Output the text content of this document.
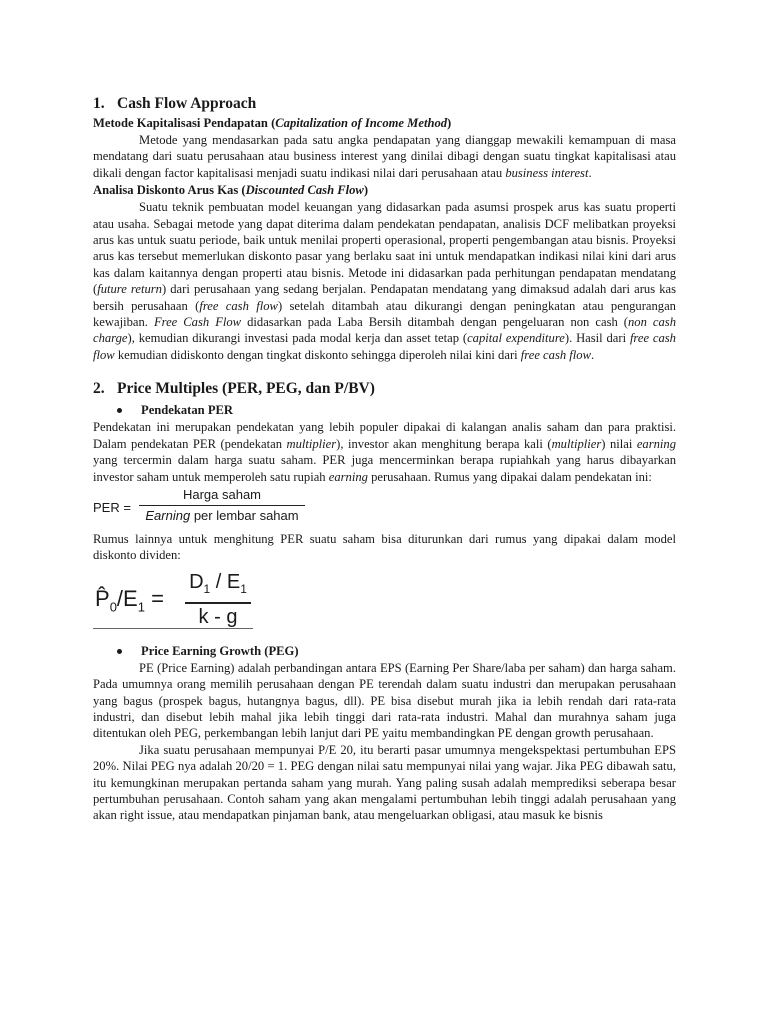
1. Cash Flow Approach
Metode Kapitalisasi Pendapatan (Capitalization of Income Method)

Metode yang mendasarkan pada satu angka pendapatan yang dianggap mewakili kemampuan di masa mendatang dari suatu perusahaan atau business interest yang dinilai dibagi dengan suatu tingkat kapitalisasi atau dikali dengan factor kapitalisasi menjadi suatu indikasi nilai dari perusahaan atau business interest.

Analisa Diskonto Arus Kas (Discounted Cash Flow)

Suatu teknik pembuatan model keuangan yang didasarkan pada asumsi prospek arus kas suatu properti atau usaha. Sebagai metode yang dapat diterima dalam pendekatan pendapatan, analisis DCF melibatkan proyeksi arus kas untuk suatu periode, baik untuk menilai properti operasional, properti pengembangan atau bisnis. Proyeksi arus kas tersebut memerlukan diskonto pasar yang berlaku saat ini untuk mendapatkan indikasi nilai kini dari arus kas dalam kaitannya dengan properti atau bisnis. Metode ini didasarkan pada perhitungan pendapatan mendatang (future return) dari perusahaan yang sedang berjalan. Pendapatan mendatang yang dimaksud adalah dari arus kas bersih perusahaan (free cash flow) setelah ditambah atau dikurangi dengan peningkatan atau pengurangan kewajiban. Free Cash Flow didasarkan pada Laba Bersih ditambah dengan pengeluaran non cash (non cash charge), kemudian dikurangi investasi pada modal kerja dan asset tetap (capital expenditure). Hasil dari free cash flow kemudian didiskonto dengan tingkat diskonto sehingga diperoleh nilai kini dari free cash flow.

2. Price Multiples (PER, PEG, dan P/BV)
Pendekatan PER

Pendekatan ini merupakan pendekatan yang lebih populer dipakai di kalangan analis saham dan para praktisi. Dalam pendekatan PER (pendekatan multiplier), investor akan menghitung berapa kali (multiplier) nilai earning yang tercermin dalam harga suatu saham. PER juga mencerminkan berapa rupiahkah yang harus dibayarkan investor saham untuk memperoleh satu rupiah earning perusahaan. Rumus yang dipakai dalam pendekatan ini:

PER =
Harga saham
Earning per lembar saham

Rumus lainnya untuk menghitung PER suatu saham bisa diturunkan dari rumus yang dipakai dalam model diskonto dividen:

$P̂_0/E_1$ =
$D_1 / E_1$
k - g
Price Earning Growth (PEG)

PE (Price Earning) adalah perbandingan antara EPS (Earning Per Share/laba per saham) dan harga saham. Pada umumnya orang memilih perusahaan dengan PE terendah dalam suatu industri dan merupakan perusahaan yang bagus (prospek bagus, hutangnya bagus, dll). PE bisa disebut murah jika ia lebih rendah dari rata-rata industri, dan disebut lebih mahal jika lebih tinggi dari rata-rata industri. Mahal dan murahnya saham juga ditentukan oleh PEG, perkembangan lebih lanjut dari PE yaitu membandingkan PE dengan growth perusahaan.

Jika suatu perusahaan mempunyai P/E 20, itu berarti pasar umumnya mengekspektasi pertumbuhan EPS 20%. Nilai PEG nya adalah 20/20 = 1. PEG dengan nilai satu mempunyai nilai yang wajar. Jika PEG dibawah satu, itu kemungkinan merupakan pertanda saham yang murah. Yang paling susah adalah memprediksi seberapa besar pertumbuhan perusahaan. Contoh saham yang akan mengalami pertumbuhan lebih tinggi adalah perusahaan yang akan right issue, atau mendapatkan pinjaman bank, atau mengeluarkan obligasi, atau masuk ke bisnis
